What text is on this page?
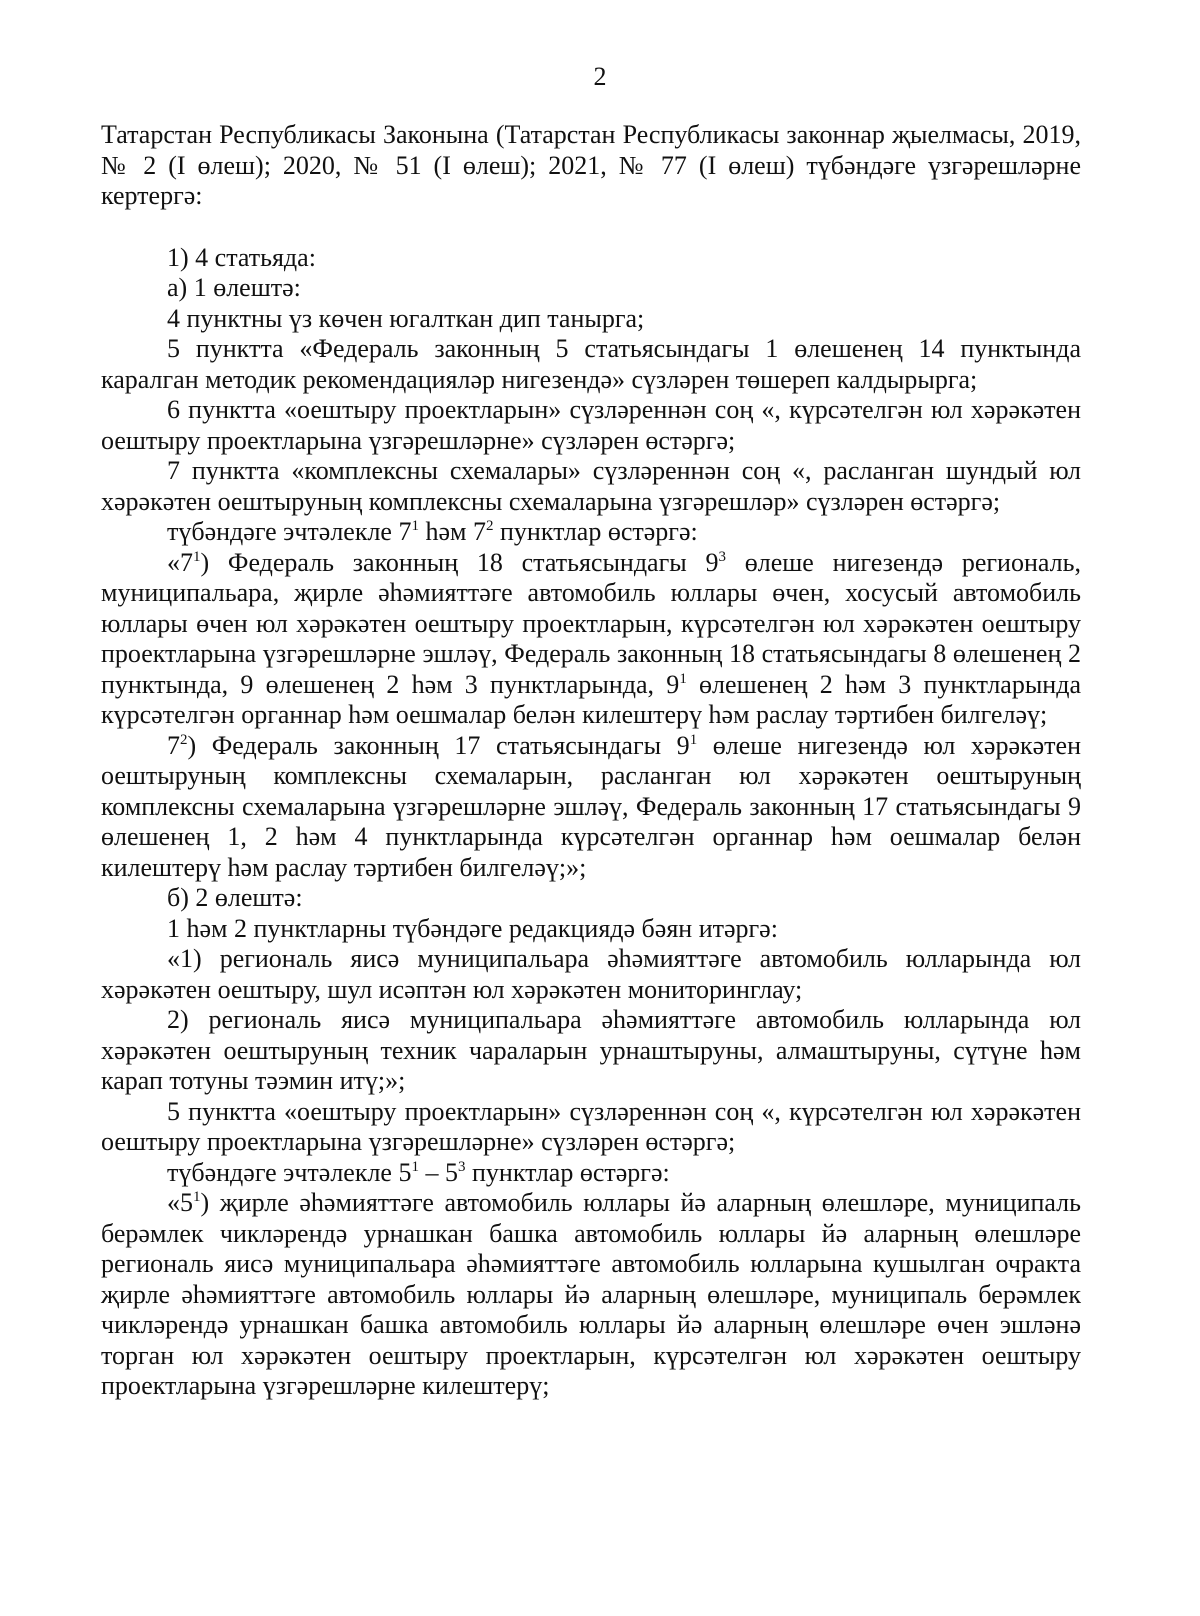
2

Татарстан Республикасы Законына (Татарстан Республикасы законнар җыелмасы, 2019, № 2 (I өлеш); 2020, № 51 (I өлеш); 2021, № 77 (I өлеш) түбәндәге үзгәрешләрне кертергә:

1) 4 статьяда:

а) 1 өлештә:

4 пунктны үз көчен югалткан дип танырга;

5 пунктта «Федераль законның 5 статьясындагы 1 өлешенең 14 пунктында каралган методик рекомендацияләр нигезендә» сүзләрен төшереп калдырырга;

6 пунктта «оештыру проектларын» сүзләреннән соң «, күрсәтелгән юл хәрәкәтен оештыру проектларына үзгәрешләрне» сүзләрен өстәргә;

7 пунктта «комплексны схемалары» сүзләреннән соң «, расланган шундый юл хәрәкәтен оештыруның комплексны схемаларына үзгәрешләр» сүзләрен өстәргә;

түбәндәге эчтәлекле $7^1$ һәм $7^2$ пунктлар өстәргә:

«$7^1$) Федераль законның 18 статьясындагы $9^3$ өлеше нигезендә региональ, муниципальара, җирле әһәмияттәге автомобиль юллары өчен, хосусый автомобиль юллары өчен юл хәрәкәтен оештыру проектларын, күрсәтелгән юл хәрәкәтен оештыру проектларына үзгәрешләрне эшләү, Федераль законның 18 статьясындагы 8 өлешенең 2 пунктында, 9 өлешенең 2 һәм 3 пунктларында, $9^1$ өлешенең 2 һәм 3 пунктларында күрсәтелгән органнар һәм оешмалар белән килештерү һәм раслау тәртибен билгеләү;

$7^2$) Федераль законның 17 статьясындагы $9^1$ өлеше нигезендә юл хәрәкәтен оештыруның комплексны схемаларын, расланган юл хәрәкәтен оештыруның комплексны схемаларына үзгәрешләрне эшләү, Федераль законның 17 статьясындагы 9 өлешенең 1, 2 һәм 4 пунктларында күрсәтелгән органнар һәм оешмалар белән килештерү һәм раслау тәртибен билгеләү;»;

б) 2 өлештә:

1 һәм 2 пунктларны түбәндәге редакциядә бәян итәргә:

«1) региональ яисә муниципальара әһәмияттәге автомобиль юлларында юл хәрәкәтен оештыру, шул исәптән юл хәрәкәтен мониторинглау;

2) региональ яисә муниципальара әһәмияттәге автомобиль юлларында юл хәрәкәтен оештыруның техник чараларын урнаштыруны, алмаштыруны, сүтүне һәм карап тотуны тәэмин итү;»;

5 пунктта «оештыру проектларын» сүзләреннән соң «, күрсәтелгән юл хәрәкәтен оештыру проектларына үзгәрешләрне» сүзләрен өстәргә;

түбәндәге эчтәлекле $5^1 - 5^3$ пунктлар өстәргә:

«$5^1$) җирле әһәмияттәге автомобиль юллары йә аларның өлешләре, муниципаль берәмлек чикләрендә урнашкан башка автомобиль юллары йә аларның өлешләре региональ яисә муниципальара әһәмияттәге автомобиль юлларына кушылган очракта җирле әһәмияттәге автомобиль юллары йә аларның өлешләре, муниципаль берәмлек чикләрендә урнашкан башка автомобиль юллары йә аларның өлешләре өчен эшләнә торган юл хәрәкәтен оештыру проектларын, күрсәтелгән юл хәрәкәтен оештыру проектларына үзгәрешләрне килештерү;
